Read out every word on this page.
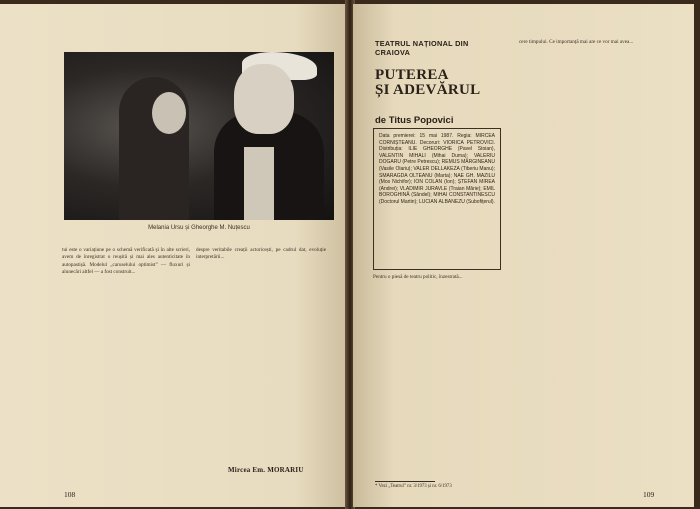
Melania Ursu și Gheorghe M. Nuțescu

tui este o variațiune pe o schemă verificată și în alte scrieri, avem de înregistrat o reușită și mai ales autenticitate în autopastișă. Modelul „caruselului optimist” — fluxuri și alunecări altfel — a fost construit...

desprе veritabile creații actoricești, pe cadrul dat, evoluție interpretării...

Mircea Em. MORARIU
108
TEATRUL NAȚIONAL DIN CRAIOVA
PUTEREA
ȘI ADEVĂRUL
de Titus Popovici
Data premierei: 15 mai 1987. Regia: MIRCEA CORNIȘTEANU. Decoruri: VIORICA PETROVICI. Distribuția: ILIE GHEORGHE (Pavel Stoian), VALENTIN MIHALI (Mihai Duma); VALERIU DOGARU (Petre Petrescu); REMUS MĂRGINEANU (Vasile Olariu); VALER DELLAKEZA (Tiberiu Manu); SMARAGDA OLTEANU (Marta); NAE GH. MAZILU (Mos Nichifor); ION COLAN (Ion); ȘTEFAN MIREA (Andrei); VLADIMIR JURAVLE (Traian Mărie); EMIL BOROGHINĂ (Săndel); MIHAI CONSTANTINESCU (Doctorul Martin); LUCIAN ALBANEZU (Subofițerul).

Pentru o piesă de teatru politic, înzestrată...

cere timpului. Ce importanță mai are ce vor mai avea...

* Vezi „Teatrul” nr. 3/1973 și nr. 6/1973
109
